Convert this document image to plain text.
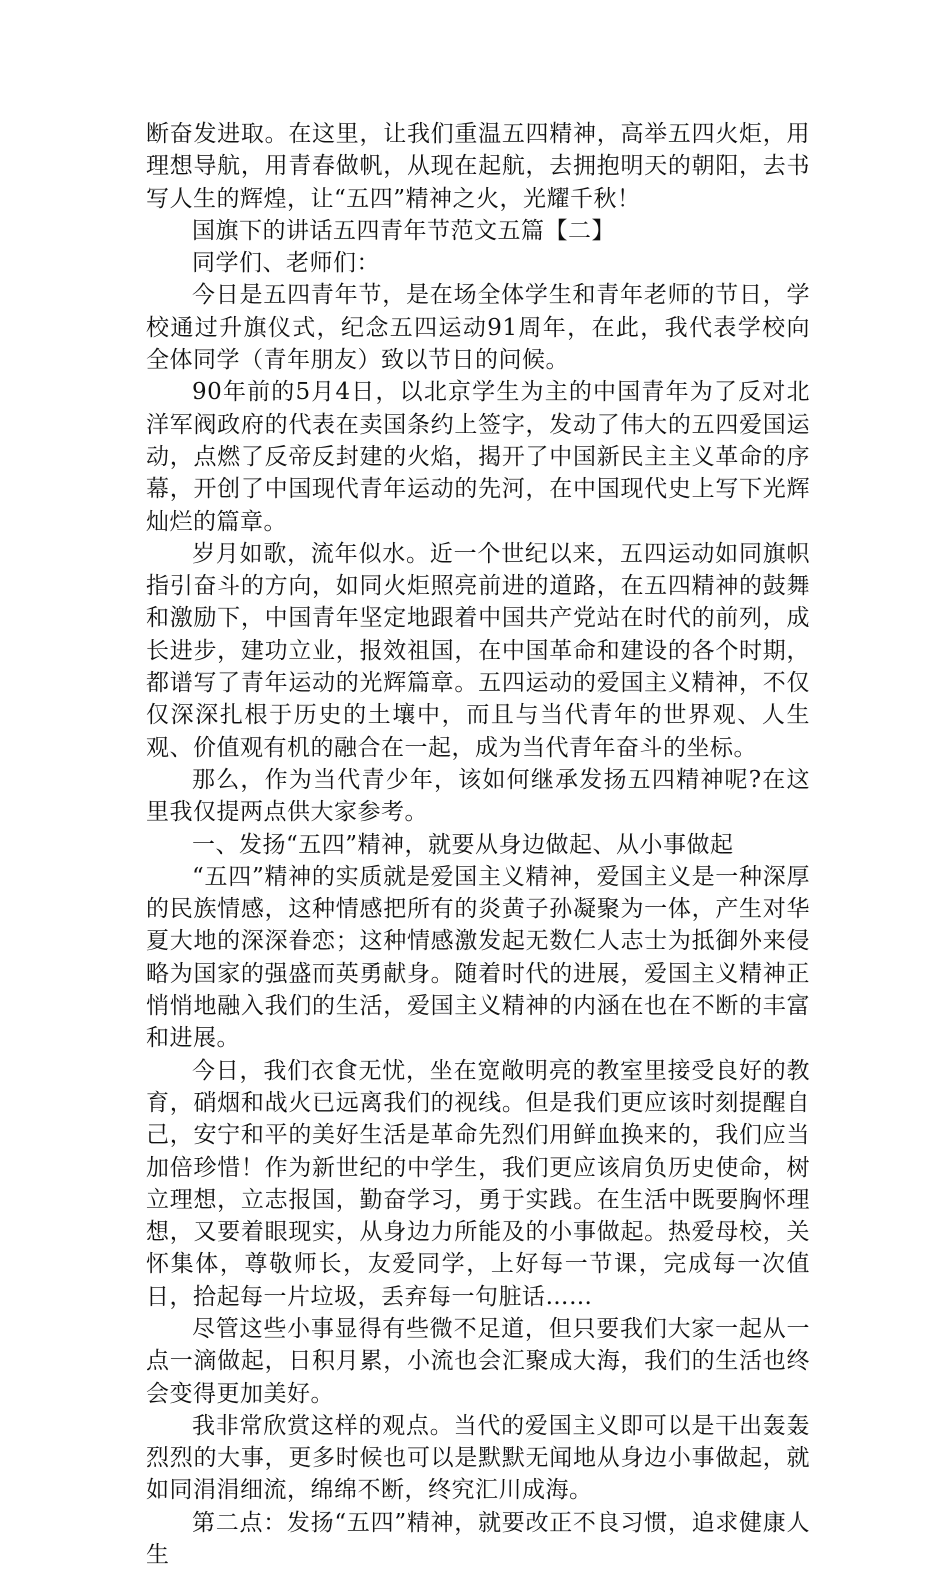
断奋发进取。在这里，让我们重温五四精神，高举五四火炬，用理想导航，用青春做帆，从现在起航，去拥抱明天的朝阳，去书写人生的辉煌，让“五四”精神之火，光耀千秋！

国旗下的讲话五四青年节范文五篇【二】

同学们、老师们：

今日是五四青年节，是在场全体学生和青年老师的节日，学校通过升旗仪式，纪念五四运动91周年，在此，我代表学校向全体同学（青年朋友）致以节日的问候。

90年前的5月4日，以北京学生为主的中国青年为了反对北洋军阀政府的代表在卖国条约上签字，发动了伟大的五四爱国运动，点燃了反帝反封建的火焰，揭开了中国新民主主义革命的序幕，开创了中国现代青年运动的先河，在中国现代史上写下光辉灿烂的篇章。

岁月如歌，流年似水。近一个世纪以来，五四运动如同旗帜指引奋斗的方向，如同火炬照亮前进的道路，在五四精神的鼓舞和激励下，中国青年坚定地跟着中国共产党站在时代的前列，成长进步，建功立业，报效祖国，在中国革命和建设的各个时期，都谱写了青年运动的光辉篇章。五四运动的爱国主义精神，不仅仅深深扎根于历史的土壤中，而且与当代青年的世界观、人生观、价值观有机的融合在一起，成为当代青年奋斗的坐标。

那么，作为当代青少年，该如何继承发扬五四精神呢?在这里我仅提两点供大家参考。

一、发扬“五四”精神，就要从身边做起、从小事做起

“五四”精神的实质就是爱国主义精神，爱国主义是一种深厚的民族情感，这种情感把所有的炎黄子孙凝聚为一体，产生对华夏大地的深深眷恋；这种情感激发起无数仁人志士为抵御外来侵略为国家的强盛而英勇献身。随着时代的进展，爱国主义精神正悄悄地融入我们的生活，爱国主义精神的内涵在也在不断的丰富和进展。

今日，我们衣食无忧，坐在宽敞明亮的教室里接受良好的教育，硝烟和战火已远离我们的视线。但是我们更应该时刻提醒自己，安宁和平的美好生活是革命先烈们用鲜血换来的，我们应当加倍珍惜！作为新世纪的中学生，我们更应该肩负历史使命，树立理想，立志报国，勤奋学习，勇于实践。在生活中既要胸怀理想，又要着眼现实，从身边力所能及的小事做起。热爱母校，关怀集体，尊敬师长，友爱同学，上好每一节课，完成每一次值日，拾起每一片垃圾，丢弃每一句脏话……

尽管这些小事显得有些微不足道，但只要我们大家一起从一点一滴做起，日积月累，小流也会汇聚成大海，我们的生活也终会变得更加美好。

我非常欣赏这样的观点。当代的爱国主义即可以是干出轰轰烈烈的大事，更多时候也可以是默默无闻地从身边小事做起，就如同涓涓细流，绵绵不断，终究汇川成海。

第二点：发扬“五四”精神，就要改正不良习惯，追求健康人生
